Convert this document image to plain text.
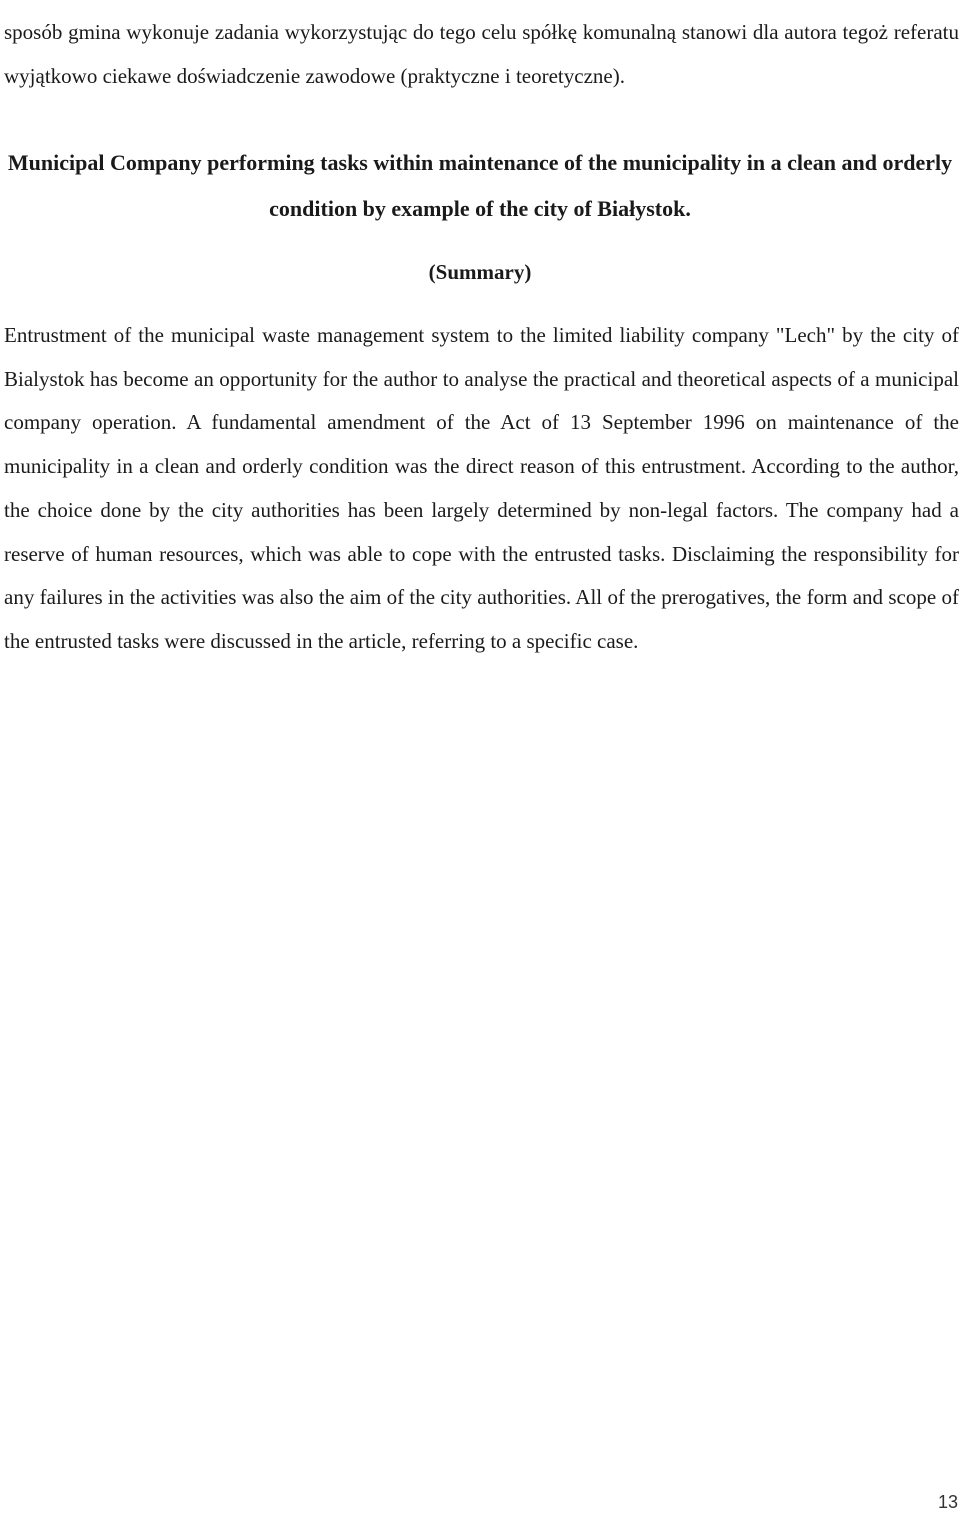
sposób gmina wykonuje zadania wykorzystując do tego celu spółkę komunalną stanowi dla autora tegoż referatu wyjątkowo ciekawe doświadczenie zawodowe (praktyczne i teoretyczne).

Municipal Company performing tasks within maintenance of the municipality in a clean and orderly condition by example of the city of Białystok.
(Summary)

Entrustment of the municipal waste management system to the limited liability company "Lech" by the city of Bialystok has become an opportunity for the author to analyse the practical and theoretical aspects of a municipal company operation. A fundamental amendment of the Act of 13 September 1996 on maintenance of the municipality in a clean and orderly condition was the direct reason of this entrustment. According to the author, the choice done by the city authorities has been largely determined by non-legal factors. The company had a reserve of human resources, which was able to cope with the entrusted tasks. Disclaiming the responsibility for any failures in the activities was also the aim of the city authorities. All of the prerogatives, the form and scope of the entrusted tasks were discussed in the article, referring to a specific case.

13
